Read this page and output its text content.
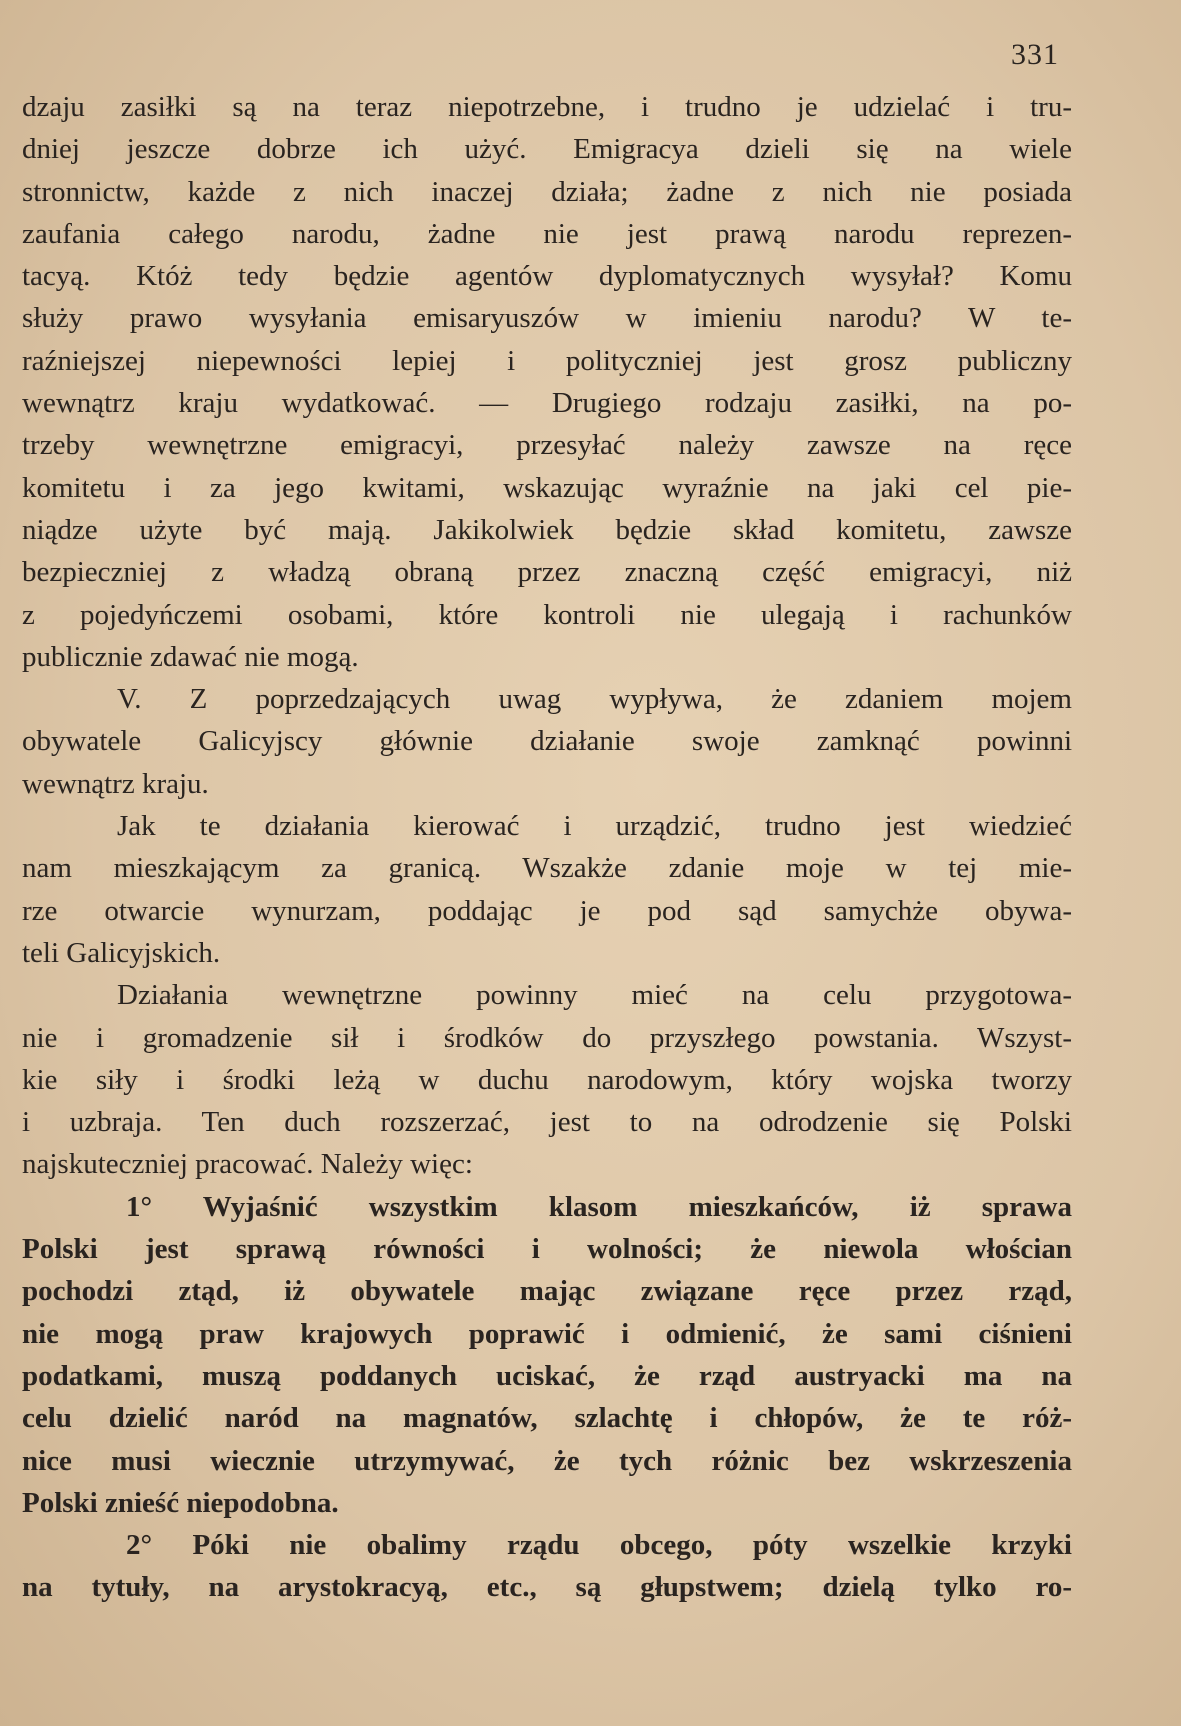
331
dzaju zasiłki są na teraz niepotrzebne, i trudno je udzielać i tru-
dniej jeszcze dobrze ich użyć. Emigracya dzieli się na wiele
stronnictw, każde z nich inaczej działa; żadne z nich nie posiada
zaufania całego narodu, żadne nie jest prawą narodu reprezen-
tacyą. Któż tedy będzie agentów dyplomatycznych wysyłał? Komu
służy prawo wysyłania emisaryuszów w imieniu narodu? W te-
raźniejszej niepewności lepiej i polityczniej jest grosz publiczny
wewnątrz kraju wydatkować. — Drugiego rodzaju zasiłki, na po-
trzeby wewnętrzne emigracyi, przesyłać należy zawsze na ręce
komitetu i za jego kwitami, wskazując wyraźnie na jaki cel pie-
niądze użyte być mają. Jakikolwiek będzie skład komitetu, zawsze
bezpieczniej z władzą obraną przez znaczną część emigracyi, niż
z pojedyńczemi osobami, które kontroli nie ulegają i rachunków
publicznie zdawać nie mogą.
V. Z poprzedzających uwag wypływa, że zdaniem mojem
obywatele Galicyjscy głównie działanie swoje zamknąć powinni
wewnątrz kraju.
Jak te działania kierować i urządzić, trudno jest wiedzieć
nam mieszkającym za granicą. Wszakże zdanie moje w tej mie-
rze otwarcie wynurzam, poddając je pod sąd samychże obywa-
teli Galicyjskich.
Działania wewnętrzne powinny mieć na celu przygotowa-
nie i gromadzenie sił i środków do przyszłego powstania. Wszyst-
kie siły i środki leżą w duchu narodowym, który wojska tworzy
i uzbraja. Ten duch rozszerzać, jest to na odrodzenie się Polski
najskuteczniej pracować. Należy więc:
1° Wyjaśnić wszystkim klasom mieszkańców, iż sprawa
Polski jest sprawą równości i wolności; że niewola włościan
pochodzi ztąd, iż obywatele mając związane ręce przez rząd,
nie mogą praw krajowych poprawić i odmienić, że sami ciśnieni
podatkami, muszą poddanych uciskać, że rząd austryacki ma na
celu dzielić naród na magnatów, szlachtę i chłopów, że te róż-
nice musi wiecznie utrzymywać, że tych różnic bez wskrzeszenia
Polski znieść niepodobna.
2° Póki nie obalimy rządu obcego, póty wszelkie krzyki
na tytuły, na arystokracyą, etc., są głupstwem; dzielą tylko ro-
